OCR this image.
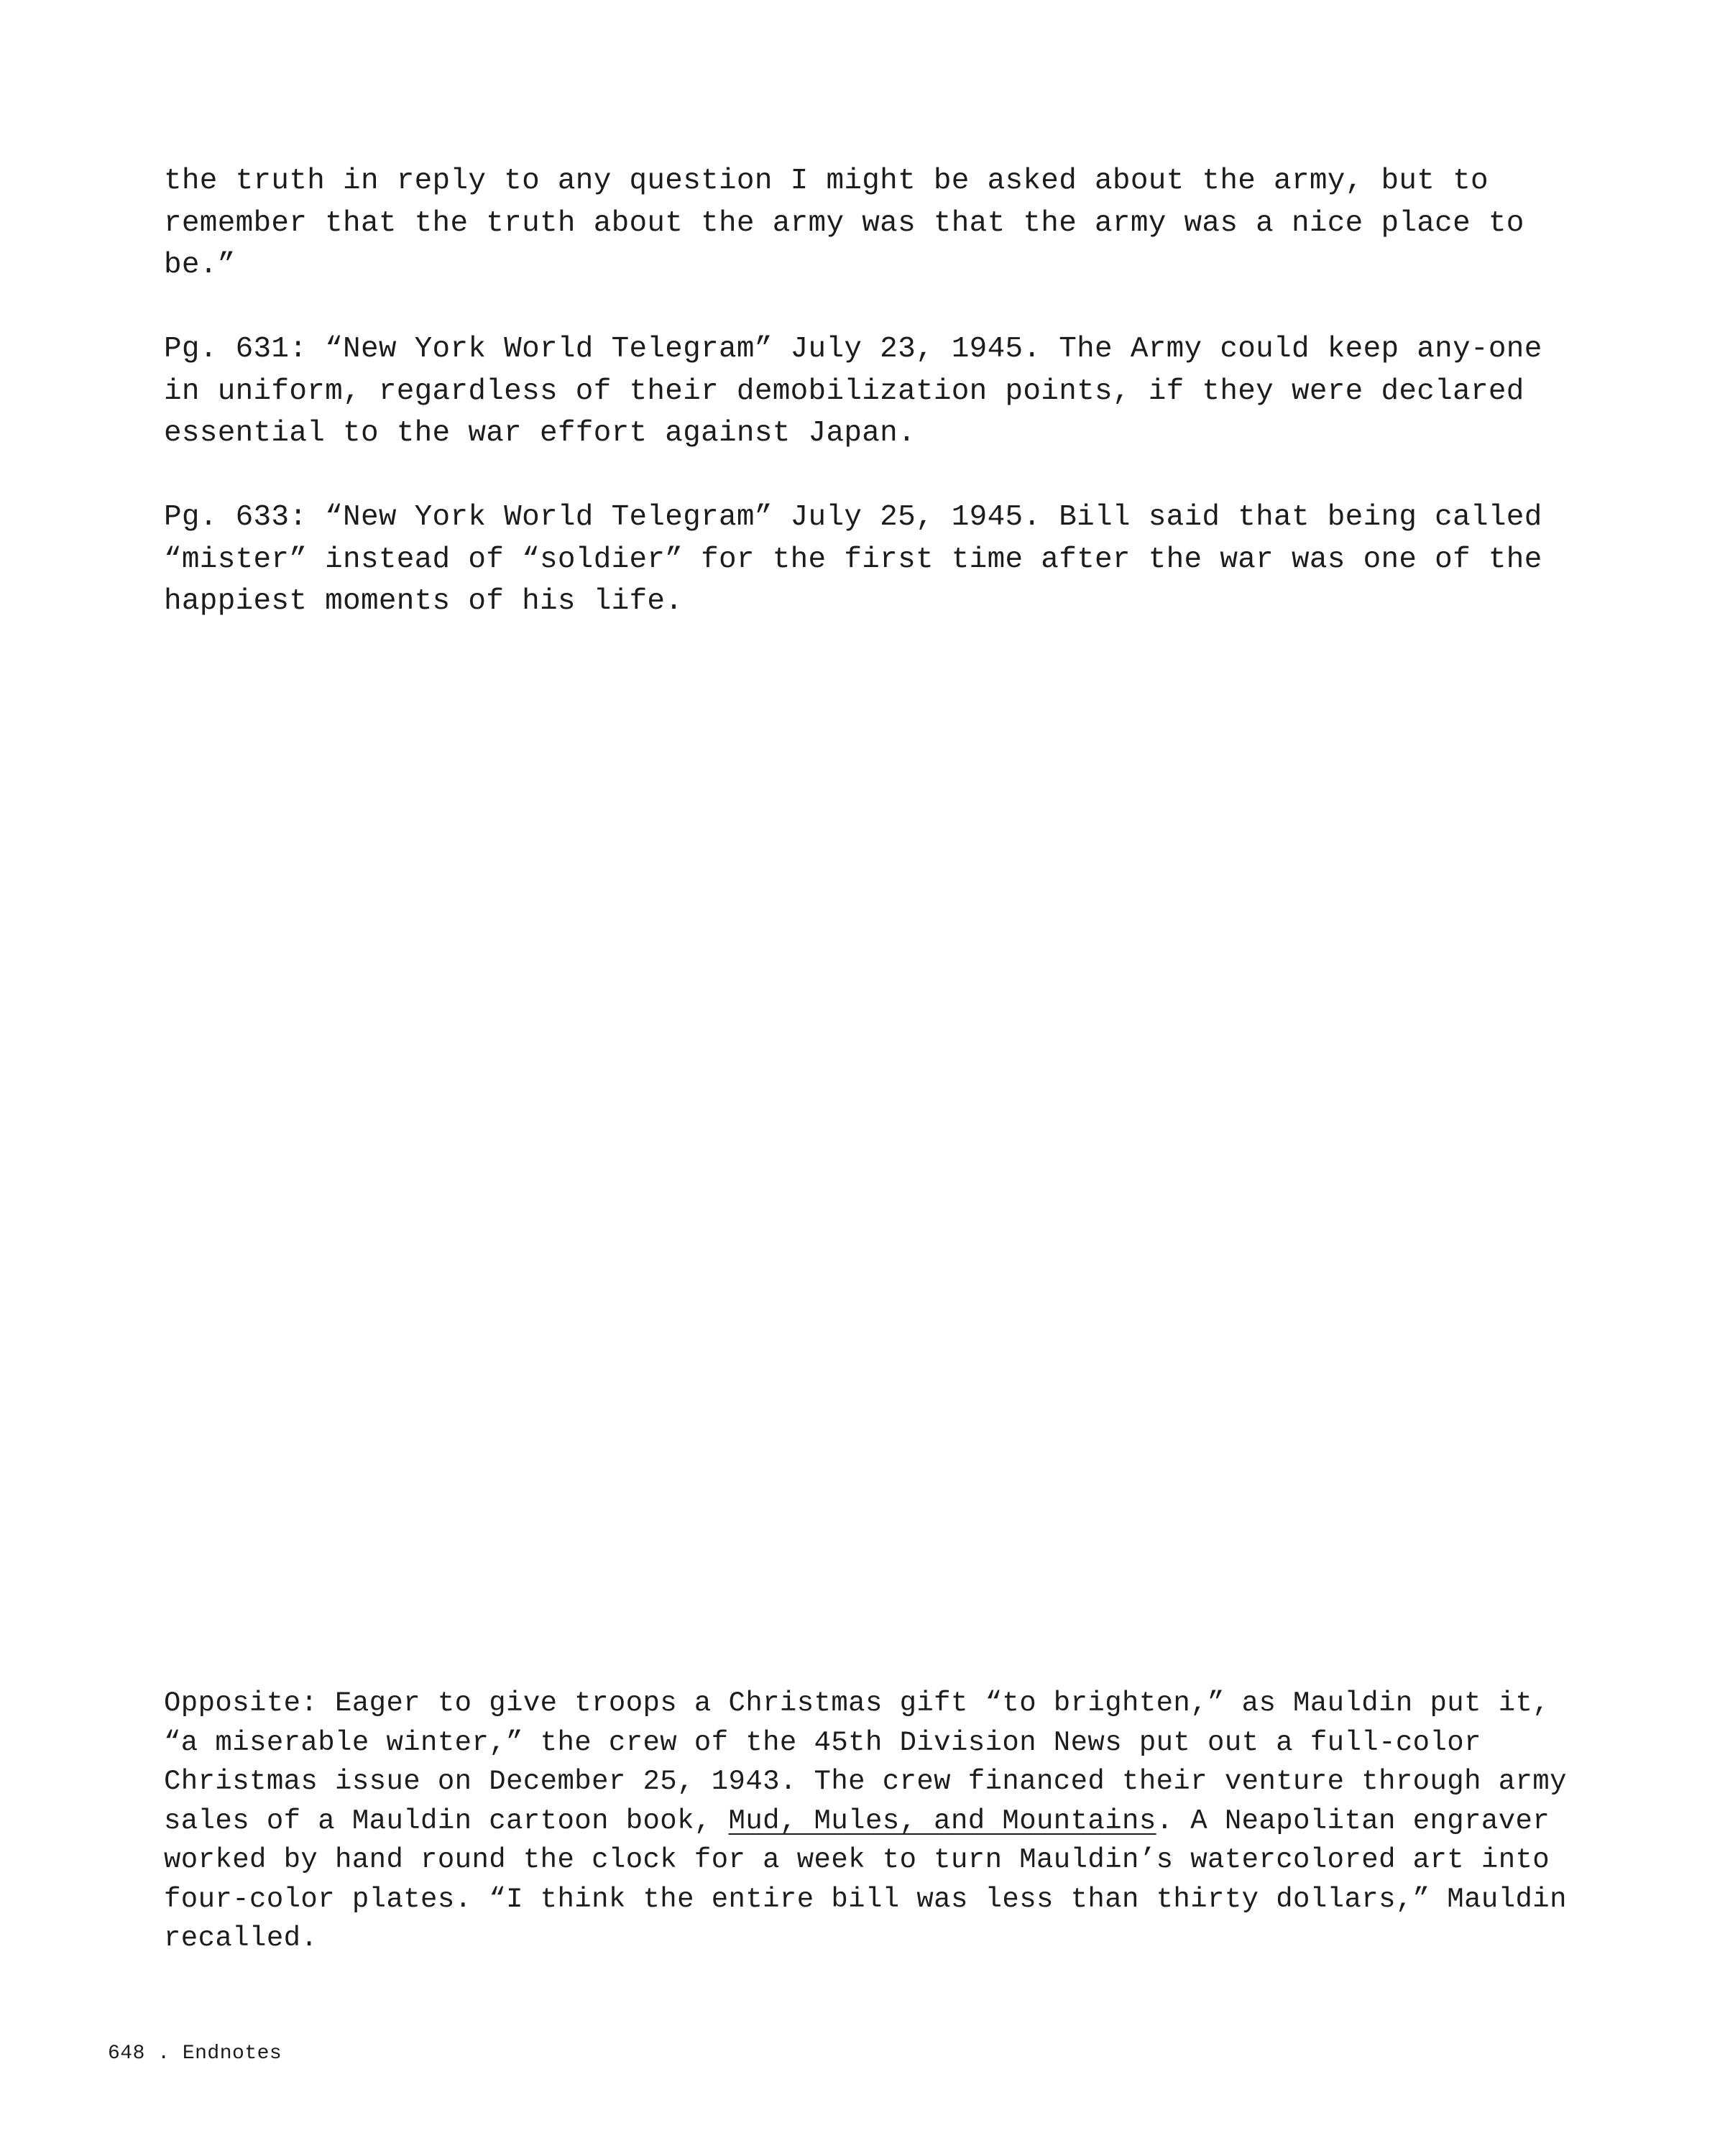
the truth in reply to any question I might be asked about the army, but to remember that the truth about the army was that the army was a nice place to be.”

Pg. 631: “New York World Telegram” July 23, 1945. The Army could keep any-one in uniform, regardless of their demobilization points, if they were declared essential to the war effort against Japan.

Pg. 633: “New York World Telegram” July 25, 1945. Bill said that being called “mister” instead of “soldier” for the first time after the war was one of the happiest moments of his life.

Opposite: Eager to give troops a Christmas gift “to brighten,” as Mauldin put it, “a miserable winter,” the crew of the 45th Division News put out a full-color Christmas issue on December 25, 1943. The crew financed their venture through army sales of a Mauldin cartoon book, Mud, Mules, and Mountains. A Neapolitan engraver worked by hand round the clock for a week to turn Mauldin’s watercolored art into four-color plates. “I think the entire bill was less than thirty dollars,” Mauldin recalled.

648 . Endnotes
